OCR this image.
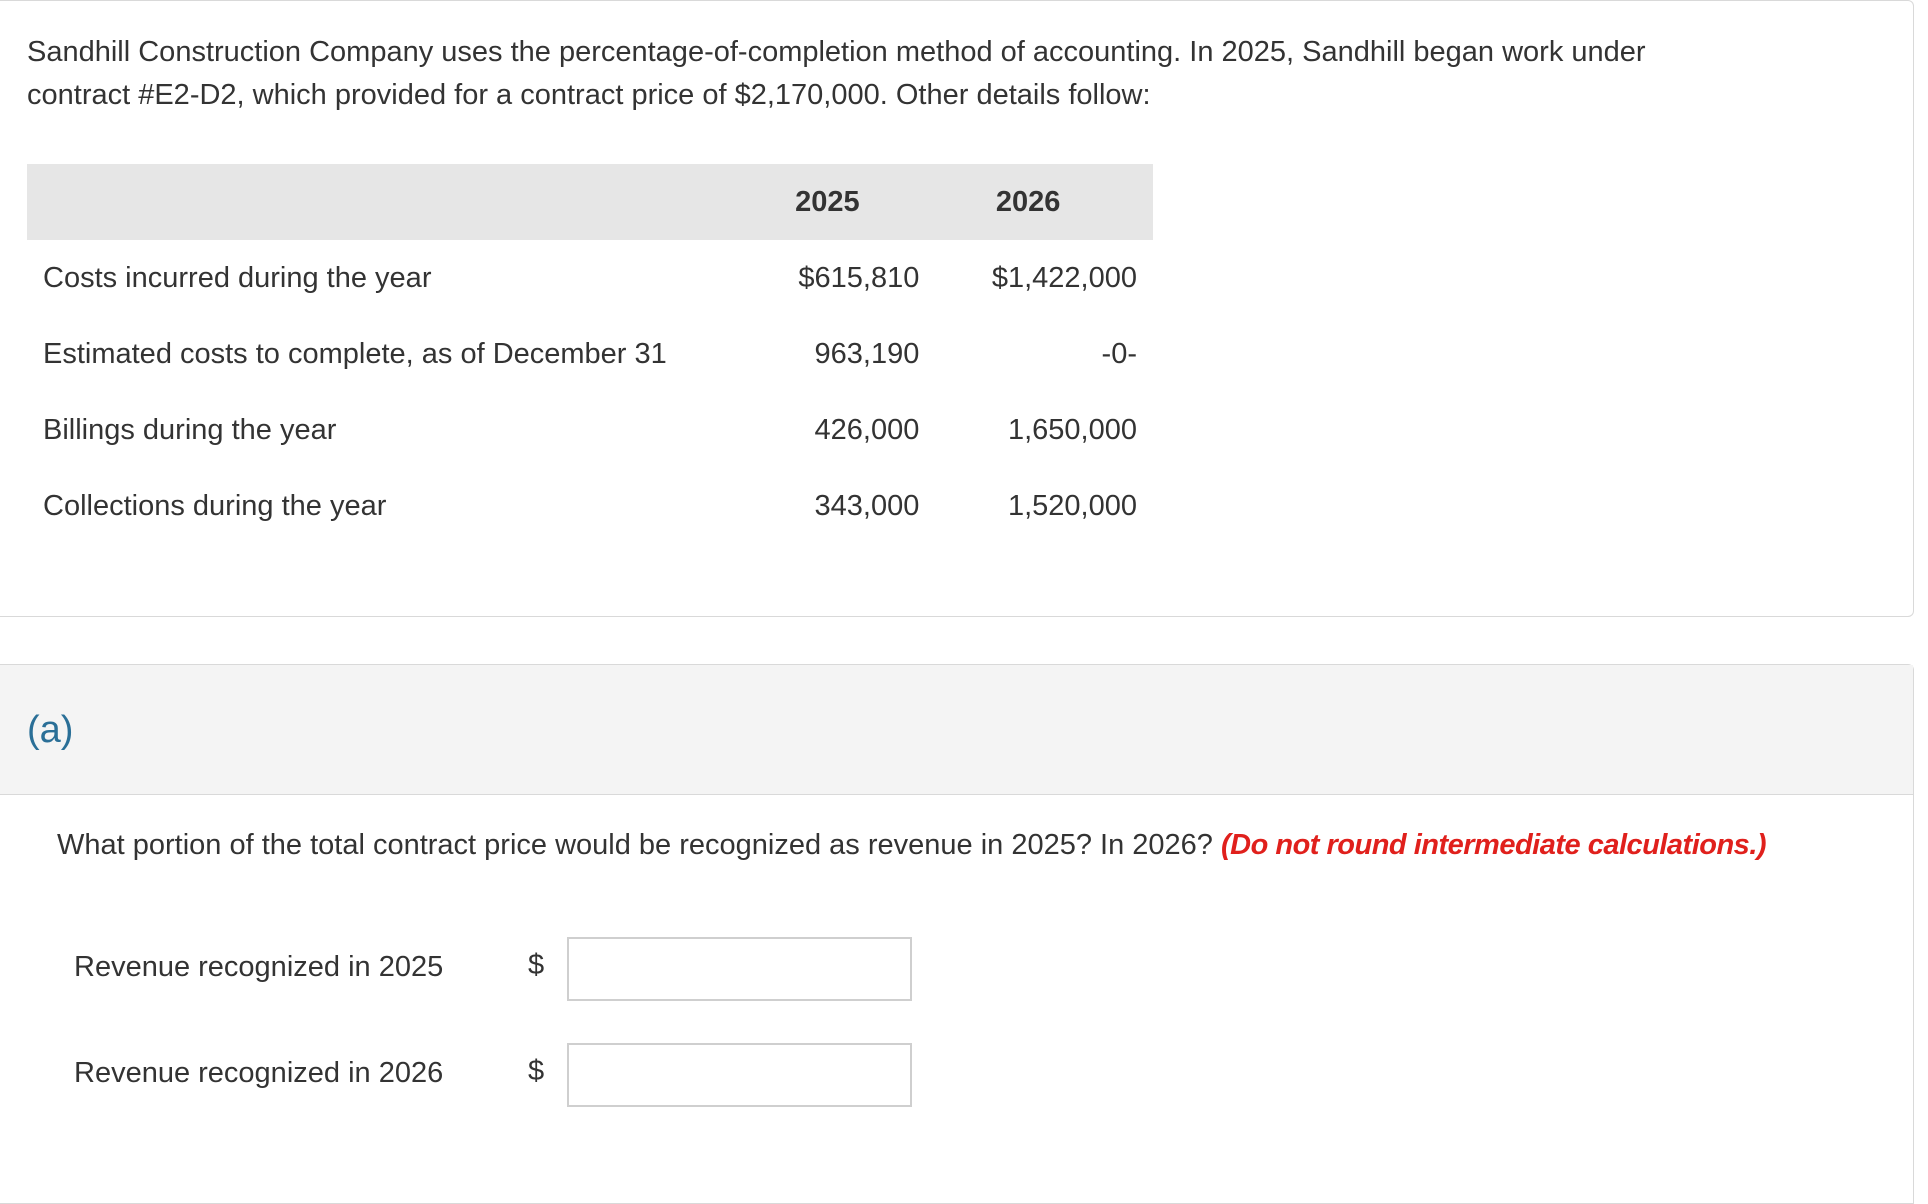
Sandhill Construction Company uses the percentage-of-completion method of accounting. In 2025, Sandhill began work under
contract #E2-D2, which provided for a contract price of $2,170,000. Other details follow:
	2025	2026
Costs incurred during the year	$615,810	$1,422,000
Estimated costs to complete, as of December 31	963,190	-0-
Billings during the year	426,000	1,650,000
Collections during the year	343,000	1,520,000
(a)
What portion of the total contract price would be recognized as revenue in 2025? In 2026? (Do not round intermediate calculations.)
Revenue recognized in 2025	$
Revenue recognized in 2026	$
